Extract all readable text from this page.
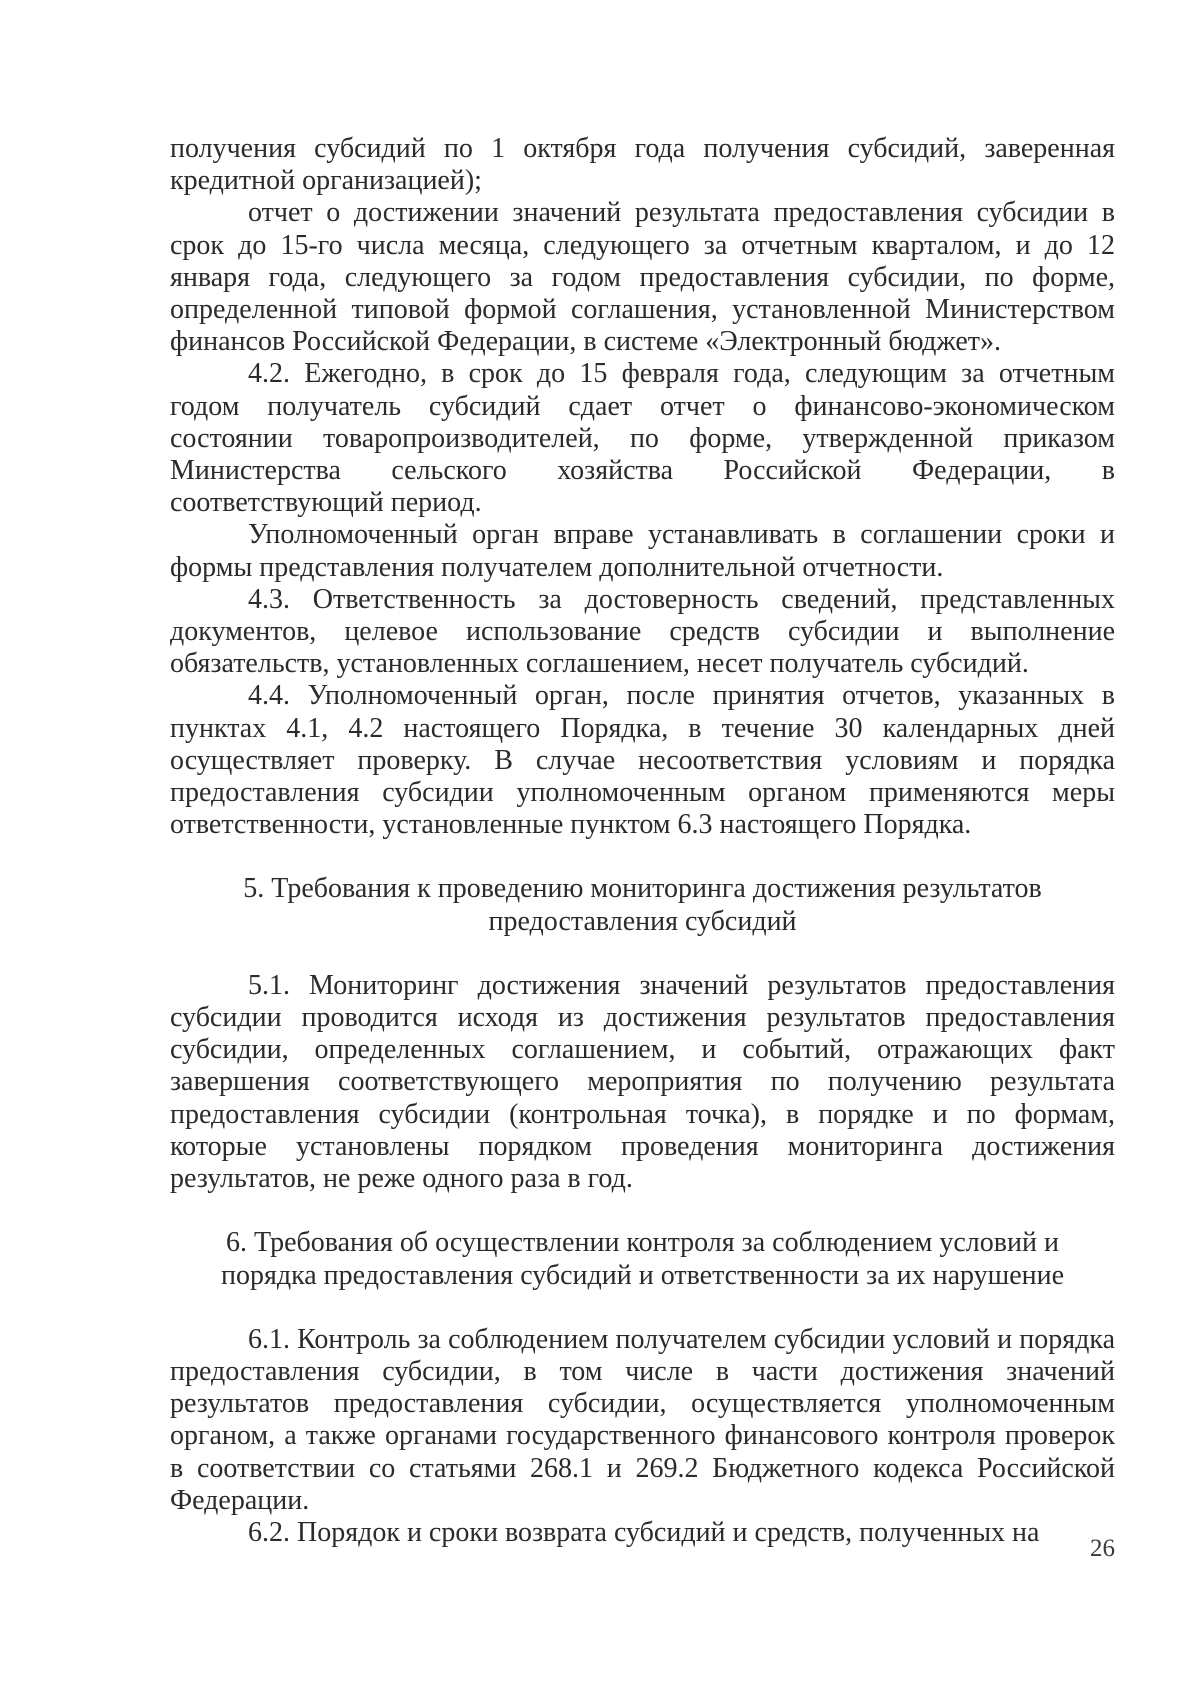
получения субсидий по 1 октября года получения субсидий, заверенная кредитной организацией);

отчет о достижении значений результата предоставления субсидии в срок до 15-го числа месяца, следующего за отчетным кварталом, и до 12 января года, следующего за годом предоставления субсидии, по форме, определенной типовой формой соглашения, установленной Министерством финансов Российской Федерации, в системе «Электронный бюджет».

4.2. Ежегодно, в срок до 15 февраля года, следующим за отчетным годом получатель субсидий сдает отчет о финансово-экономическом состоянии товаропроизводителей, по форме, утвержденной приказом Министерства сельского хозяйства Российской Федерации, в соответствующий период.

Уполномоченный орган вправе устанавливать в соглашении сроки и формы представления получателем дополнительной отчетности.

4.3. Ответственность за достоверность сведений, представленных документов, целевое использование средств субсидии и выполнение обязательств, установленных соглашением, несет получатель субсидий.

4.4. Уполномоченный орган, после принятия отчетов, указанных в пунктах 4.1, 4.2 настоящего Порядка, в течение 30 календарных дней осуществляет проверку. В случае несоответствия условиям и порядка предоставления субсидии уполномоченным органом применяются меры ответственности, установленные пунктом 6.3 настоящего Порядка.

5. Требования к проведению мониторинга достижения результатов

предоставления субсидий

5.1. Мониторинг достижения значений результатов предоставления субсидии проводится исходя из достижения результатов предоставления субсидии, определенных соглашением, и событий, отражающих факт завершения соответствующего мероприятия по получению результата предоставления субсидии (контрольная точка), в порядке и по формам, которые установлены порядком проведения мониторинга достижения результатов, не реже одного раза в год.

6. Требования об осуществлении контроля за соблюдением условий и

порядка предоставления субсидий и ответственности за их нарушение

6.1. Контроль за соблюдением получателем субсидии условий и порядка предоставления субсидии, в том числе в части достижения значений результатов предоставления субсидии, осуществляется уполномоченным органом, а также органами государственного финансового контроля проверок в соответствии со статьями 268.1 и 269.2 Бюджетного кодекса Российской Федерации.

6.2. Порядок и сроки возврата субсидий и средств, полученных на

26
